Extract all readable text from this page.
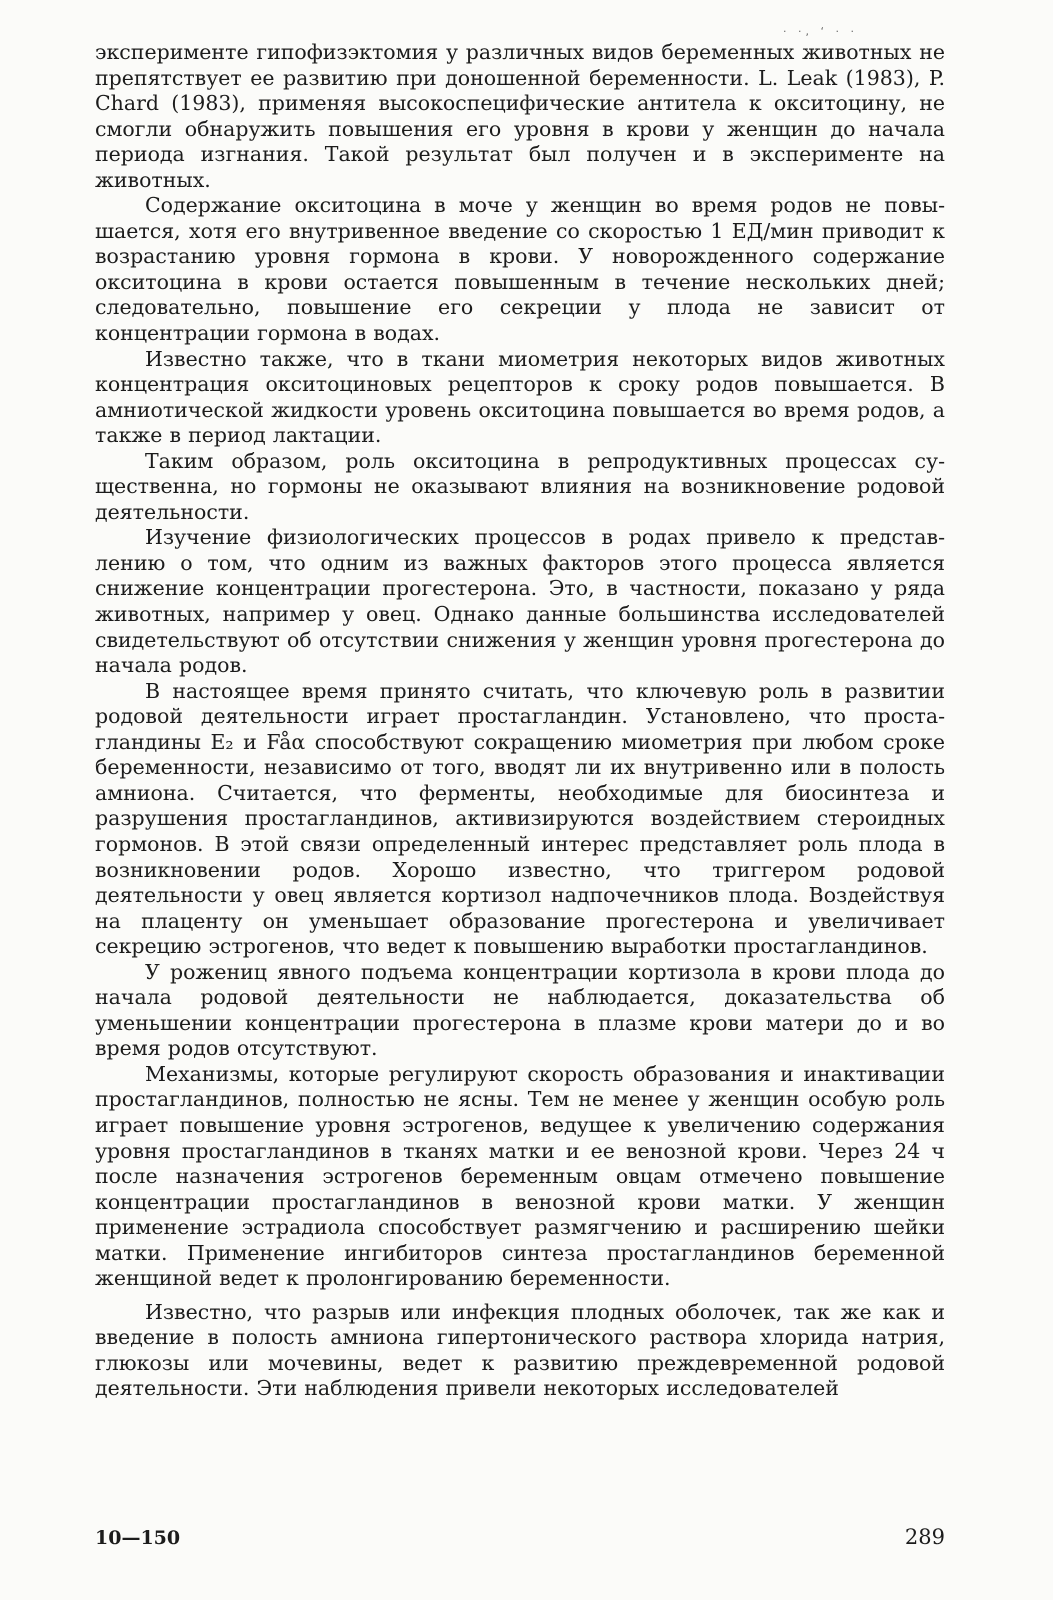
· ·, ‘ · ·

эксперименте гипофизэктомия у различных видов беременных животных не препятствует ее развитию при доношенной беременности. L. Leak (1983), P. Chard (1983), применяя высокоспецифические антитела к окситоцину, не смогли обнаружить повышения его уровня в крови у женщин до начала периода изгнания. Такой результат был получен и в эксперименте на животных.

Содержание окситоцина в моче у женщин во время родов не повышается, хотя его внутривенное введение со скоростью 1 ЕД/мин приводит к возрастанию уровня гормона в крови. У новорожденного содержание окситоцина в крови остается повышенным в течение нескольких дней; следовательно, повышение его секреции у плода не зависит от концентрации гормона в водах.

Известно также, что в ткани миометрия некоторых видов животных концентрация окситоциновых рецепторов к сроку родов повышается. В амниотической жидкости уровень окситоцина повышается во время родов, а также в период лактации.

Таким образом, роль окситоцина в репродуктивных процессах существенна, но гормоны не оказывают влияния на возникновение родовой деятельности.

Изучение физиологических процессов в родах привело к представлению о том, что одним из важных факторов этого процесса является снижение концентрации прогестерона. Это, в частности, показано у ряда животных, например у овец. Однако данные большинства исследователей свидетельствуют об отсутствии снижения у женщин уровня прогестерона до начала родов.

В настоящее время принято считать, что ключевую роль в развитии родовой деятельности играет простагландин. Установлено, что простагландины E₂ и Fåα способствуют сокращению миометрия при любом сроке беременности, независимо от того, вводят ли их внутривенно или в полость амниона. Считается, что ферменты, необходимые для биосинтеза и разрушения простагландинов, активизируются воздействием стероидных гормонов. В этой связи определенный интерес представляет роль плода в возникновении родов. Хорошо известно, что триггером родовой деятельности у овец является кортизол надпочечников плода. Воздействуя на плаценту он уменьшает образование прогестерона и увеличивает секрецию эстрогенов, что ведет к повышению выработки простагландинов.

У рожениц явного подъема концентрации кортизола в крови плода до начала родовой деятельности не наблюдается, доказательства об уменьшении концентрации прогестерона в плазме крови матери до и во время родов отсутствуют.

Механизмы, которые регулируют скорость образования и инактивации простагландинов, полностью не ясны. Тем не менее у женщин особую роль играет повышение уровня эстрогенов, ведущее к увеличению содержания уровня простагландинов в тканях матки и ее венозной крови. Через 24 ч после назначения эстрогенов беременным овцам отмечено повышение концентрации простагландинов в венозной крови матки. У женщин применение эстрадиола способствует размягчению и расширению шейки матки. Применение ингибиторов синтеза простагландинов беременной женщиной ведет к пролонгированию беременности.

Известно, что разрыв или инфекция плодных оболочек, так же как и введение в полость амниона гипертонического раствора хлорида натрия, глюкозы или мочевины, ведет к развитию преждевременной родовой деятельности. Эти наблюдения привели некоторых исследователей

10—150	289
